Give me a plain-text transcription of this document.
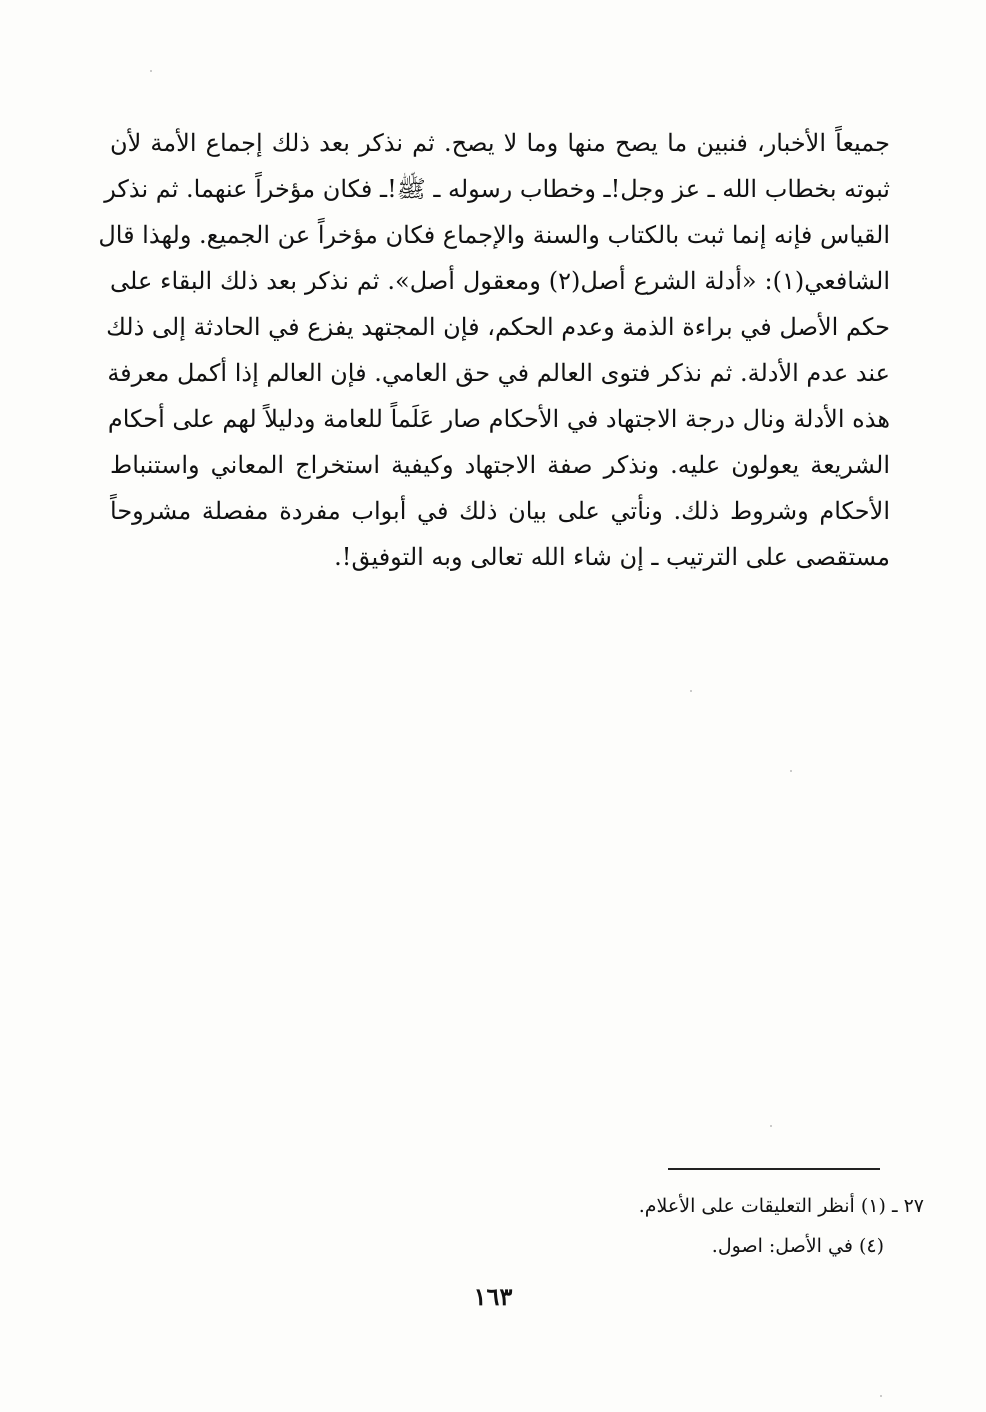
جميعاً الأخبار، فنبين ما يصح منها وما لا يصح. ثم نذكر بعد ذلك إجماع الأمة لأن
ثبوته بخطاب الله ـ عز وجل!ـ وخطاب رسوله ـ ﷺ!ـ فكان مؤخراً عنهما. ثم نذكر
القياس فإنه إنما ثبت بالكتاب والسنة والإجماع فكان مؤخراً عن الجميع. ولهذا قال
الشافعي(١): «أدلة الشرع أصل(٢) ومعقول أصل». ثم نذكر بعد ذلك البقاء على
حكم الأصل في براءة الذمة وعدم الحكم، فإن المجتهد يفزع في الحادثة إلى ذلك
عند عدم الأدلة. ثم نذكر فتوى العالم في حق العامي. فإن العالم إذا أكمل معرفة
هذه الأدلة ونال درجة الاجتهاد في الأحكام صار عَلَماً للعامة ودليلاً لهم على أحكام
الشريعة يعولون عليه. ونذكر صفة الاجتهاد وكيفية استخراج المعاني واستنباط
الأحكام وشروط ذلك. ونأتي على بيان ذلك في أبواب مفردة مفصلة مشروحاً
مستقصى على الترتيب ـ إن شاء الله تعالى وبه التوفيق!.
٢٧ ـ (١) أنظر التعليقات على الأعلام.
(٤) في الأصل: اصول.
١٦٣
